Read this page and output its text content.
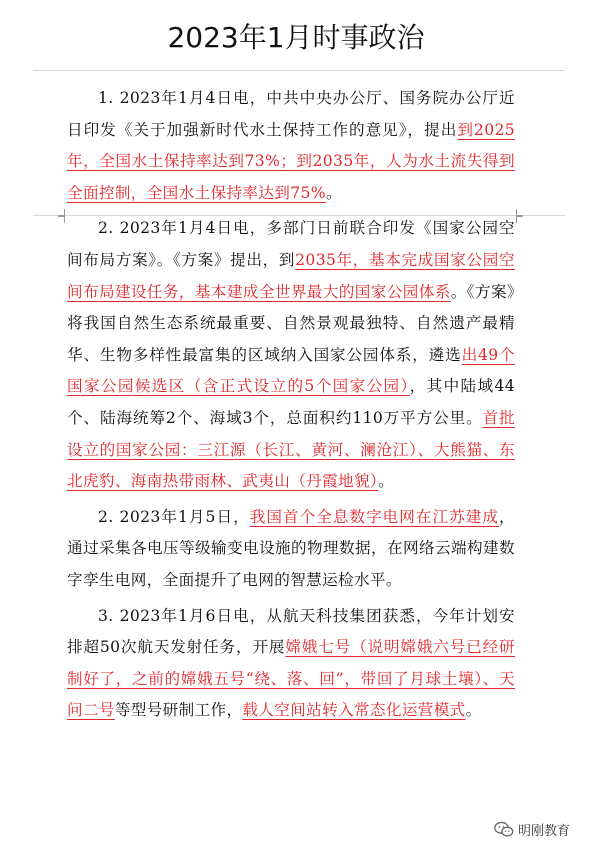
2023年1月时事政治

1. 2023年1月4日电，中共中央办公厅、国务院办公厅近日印发《关于加强新时代水土保持工作的意见》，提出到2025年，全国水土保持率达到73%；到2035年，人为水土流失得到全面控制，全国水土保持率达到75%。

2. 2023年1月4日电，多部门日前联合印发《国家公园空间布局方案》。《方案》提出，到2035年，基本完成国家公园空间布局建设任务，基本建成全世界最大的国家公园体系。《方案》将我国自然生态系统最重要、自然景观最独特、自然遗产最精华、生物多样性最富集的区域纳入国家公园体系，遴选出49个国家公园候选区（含正式设立的5个国家公园），其中陆域44个、陆海统筹2个、海域3个，总面积约110万平方公里。首批设立的国家公园：三江源（长江、黄河、澜沧江）、大熊猫、东北虎豹、海南热带雨林、武夷山（丹霞地貌）。

2. 2023年1月5日，我国首个全息数字电网在江苏建成，通过采集各电压等级输变电设施的物理数据，在网络云端构建数字孪生电网，全面提升了电网的智慧运检水平。

3. 2023年1月6日电，从航天科技集团获悉，今年计划安排超50次航天发射任务，开展嫦娥七号（说明嫦娥六号已经研制好了，之前的嫦娥五号“绕、落、回”，带回了月球土壤）、天问二号等型号研制工作，载人空间站转入常态化运营模式。

明刚教育
